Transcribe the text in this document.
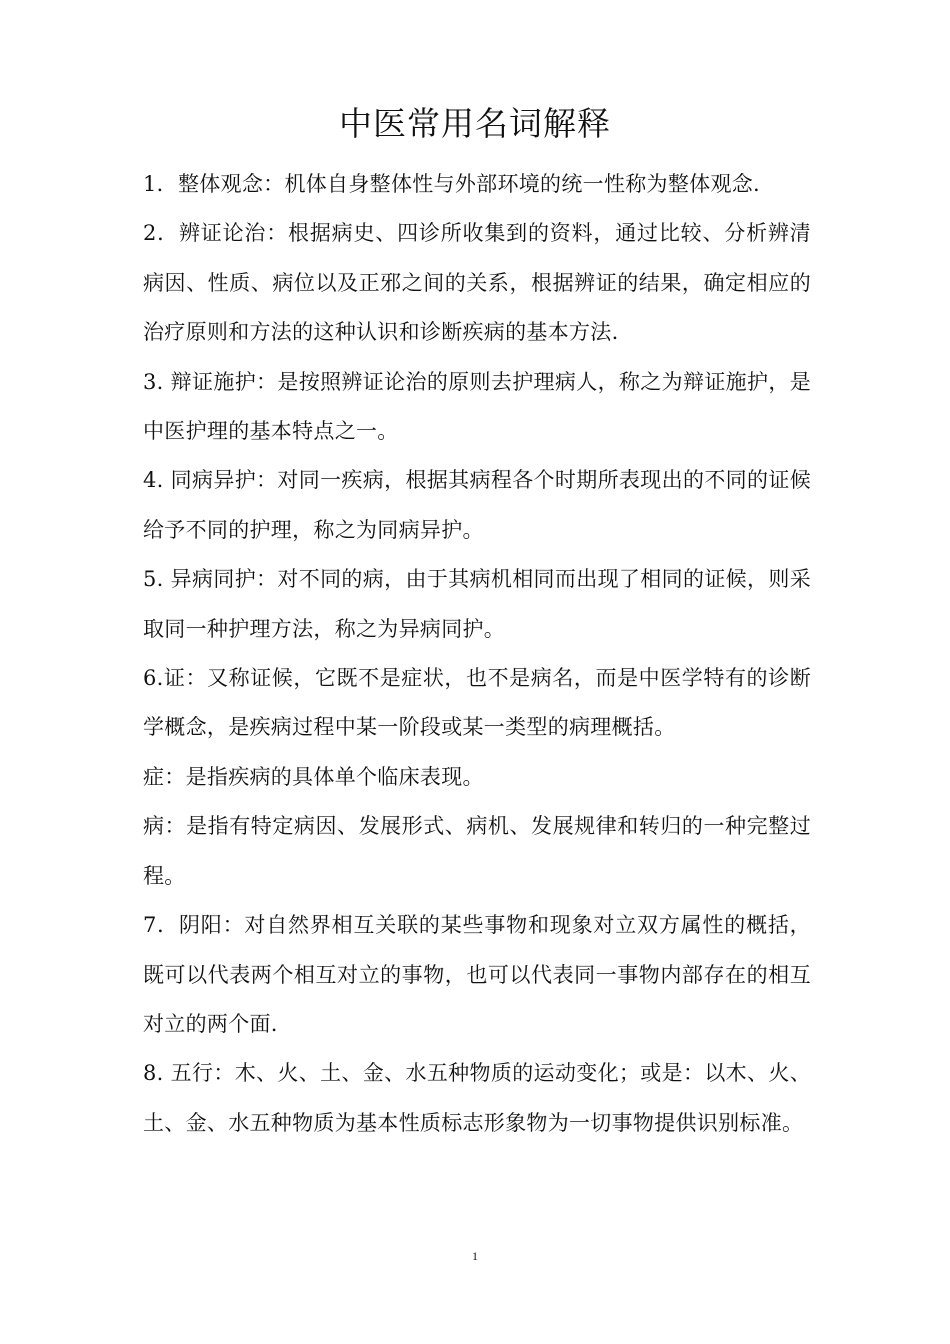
中医常用名词解释

1．整体观念：机体自身整体性与外部环境的统一性称为整体观念.

2．辨证论治：根据病史、四诊所收集到的资料，通过比较、分析辨清病因、性质、病位以及正邪之间的关系，根据辨证的结果，确定相应的治疗原则和方法的这种认识和诊断疾病的基本方法.

3. 辩证施护：是按照辨证论治的原则去护理病人，称之为辩证施护，是中医护理的基本特点之一。

4. 同病异护：对同一疾病，根据其病程各个时期所表现出的不同的证候给予不同的护理，称之为同病异护。

5. 异病同护：对不同的病，由于其病机相同而出现了相同的证候，则采取同一种护理方法，称之为异病同护。

6.证：又称证候，它既不是症状，也不是病名，而是中医学特有的诊断学概念，是疾病过程中某一阶段或某一类型的病理概括。

症：是指疾病的具体单个临床表现。

病：是指有特定病因、发展形式、病机、发展规律和转归的一种完整过程。

7．阴阳：对自然界相互关联的某些事物和现象对立双方属性的概括，既可以代表两个相互对立的事物，也可以代表同一事物内部存在的相互对立的两个面.

8. 五行：木、火、土、金、水五种物质的运动变化；或是：以木、火、土、金、水五种物质为基本性质标志形象物为一切事物提供识别标准。

1
